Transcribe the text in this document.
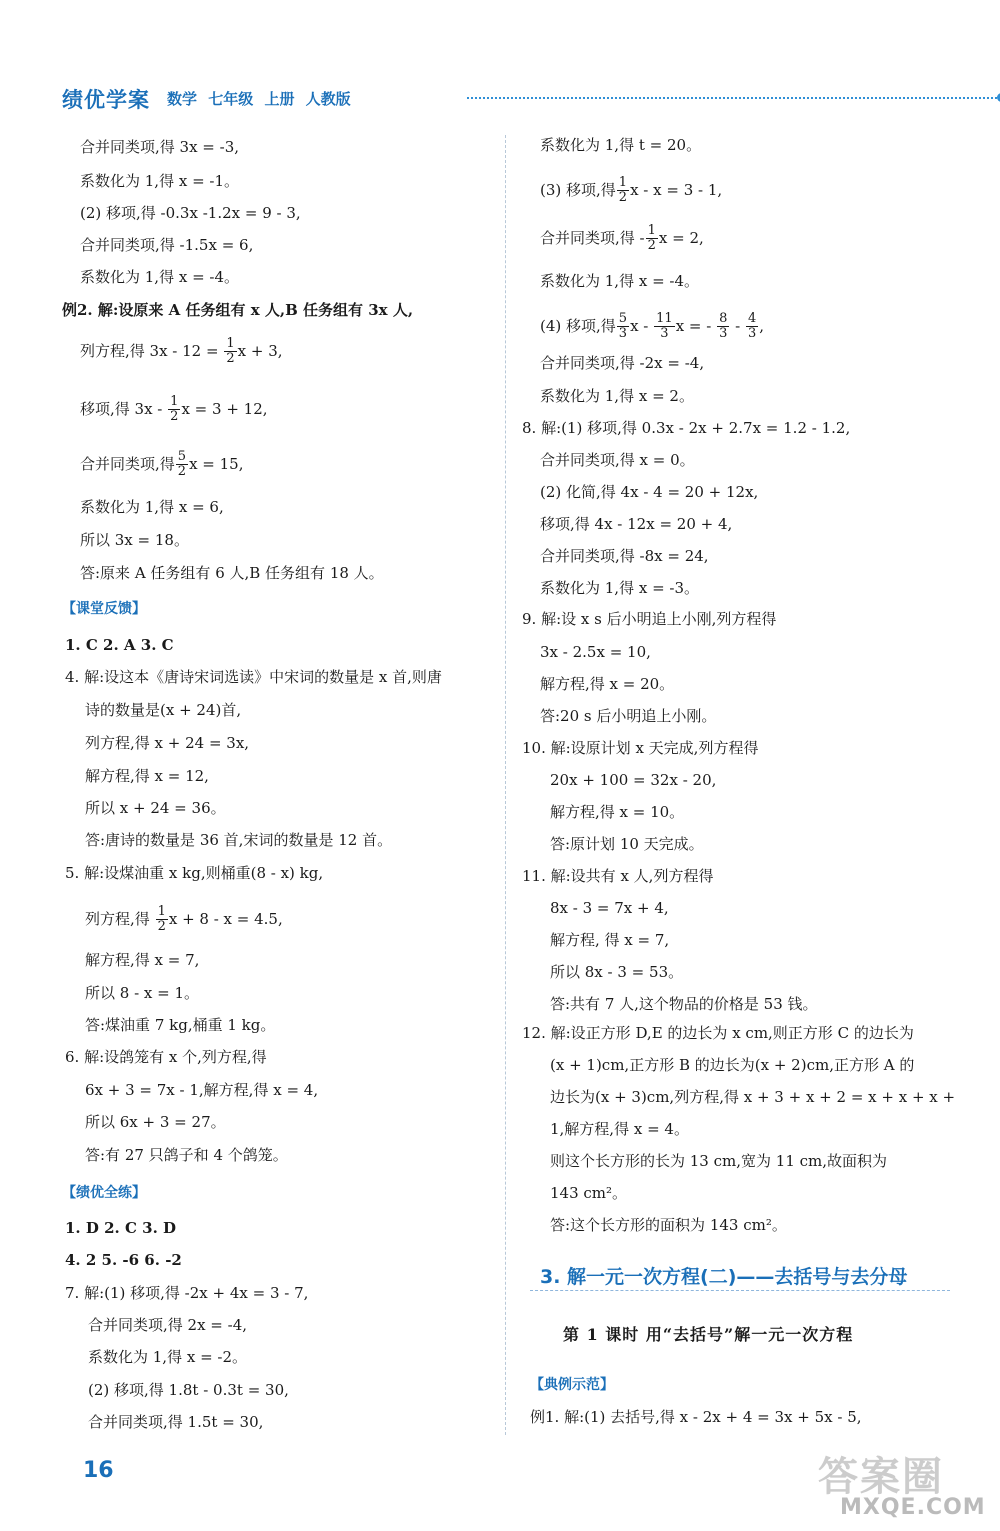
绩优学案 数学 七年级 上册 人教版
合并同类项,得 3x = -3,
系数化为 1,得 x = -1。
(2) 移项,得 -0.3x -1.2x = 9 - 3,
合并同类项,得 -1.5x = 6,
系数化为 1,得 x = -4。
例2. 解:设原来 A 任务组有 x 人,B 任务组有 3x 人,
列方程,得 $3x - 12 = \frac{1}{2}$ x + 3,
移项,得 $3x - \frac{1}{2}$ x = 3 + 12,
合并同类项,得 $\frac{5}{2}$ x = 15,
系数化为 1,得 x = 6,
所以 3x = 18。
答:原来 A 任务组有 6 人,B 任务组有 18 人。
【课堂反馈】
1. C 2. A 3. C
4. 解:设这本《唐诗宋词选读》中宋词的数量是 x 首,则唐
诗的数量是(x + 24)首,
列方程,得 x + 24 = 3x,
解方程,得 x = 12,
所以 x + 24 = 36。
答:唐诗的数量是 36 首,宋词的数量是 12 首。
5. 解:设煤油重 x kg,则桶重(8 - x) kg,
列方程,得 $\frac{1}{2}$ x + 8 - x = 4.5,
解方程,得 x = 7,
所以 8 - x = 1。
答:煤油重 7 kg,桶重 1 kg。
6. 解:设鸽笼有 x 个,列方程,得
6x + 3 = 7x - 1,解方程,得 x = 4,
所以 6x + 3 = 27。
答:有 27 只鸽子和 4 个鸽笼。
【绩优全练】
1. D 2. C 3. D
4. 2 5. -6 6. -2
7. 解:(1) 移项,得 -2x + 4x = 3 - 7,
合并同类项,得 2x = -4,
系数化为 1,得 x = -2。
(2) 移项,得 1.8t - 0.3t = 30,
合并同类项,得 1.5t = 30,
系数化为 1,得 t = 20。
(3) 移项,得 $\frac{1}{2}$ x - x = 3 - 1,
合并同类项,得 - $\frac{1}{2}$ x = 2,
系数化为 1,得 x = -4。
(4) 移项,得 $\frac{5}{3}$ x - $\frac{11}{3}$ x = - $\frac{8}{3} - \frac{4}{3}$ ,
合并同类项,得 -2x = -4,
系数化为 1,得 x = 2。
8. 解:(1) 移项,得 0.3x - 2x + 2.7x = 1.2 - 1.2,
合并同类项,得 x = 0。
(2) 化简,得 4x - 4 = 20 + 12x,
移项,得 4x - 12x = 20 + 4,
合并同类项,得 -8x = 24,
系数化为 1,得 x = -3。
9. 解:设 x s 后小明追上小刚,列方程得
3x - 2.5x = 10,
解方程,得 x = 20。
答:20 s 后小明追上小刚。
10. 解:设原计划 x 天完成,列方程得
20x + 100 = 32x - 20,
解方程,得 x = 10。
答:原计划 10 天完成。
11. 解:设共有 x 人,列方程得
8x - 3 = 7x + 4,
解方程, 得 x = 7,
所以 8x - 3 = 53。
答:共有 7 人,这个物品的价格是 53 钱。
12. 解:设正方形 D,E 的边长为 x cm,则正方形 C 的边长为
(x + 1)cm,正方形 B 的边长为(x + 2)cm,正方形 A 的
边长为(x + 3)cm,列方程,得 x + 3 + x + 2 = x + x + x +
1,解方程,得 x = 4。
则这个长方形的长为 13 cm,宽为 11 cm,故面积为
143 cm²。
答:这个长方形的面积为 143 cm²。
【典例示范】
例1. 解:(1) 去括号,得 x - 2x + 4 = 3x + 5x - 5,
3. 解一元一次方程(二)——去括号与去分母
第 1 课时 用“去括号”解一元一次方程
16	答案圈
MXQE.COM
